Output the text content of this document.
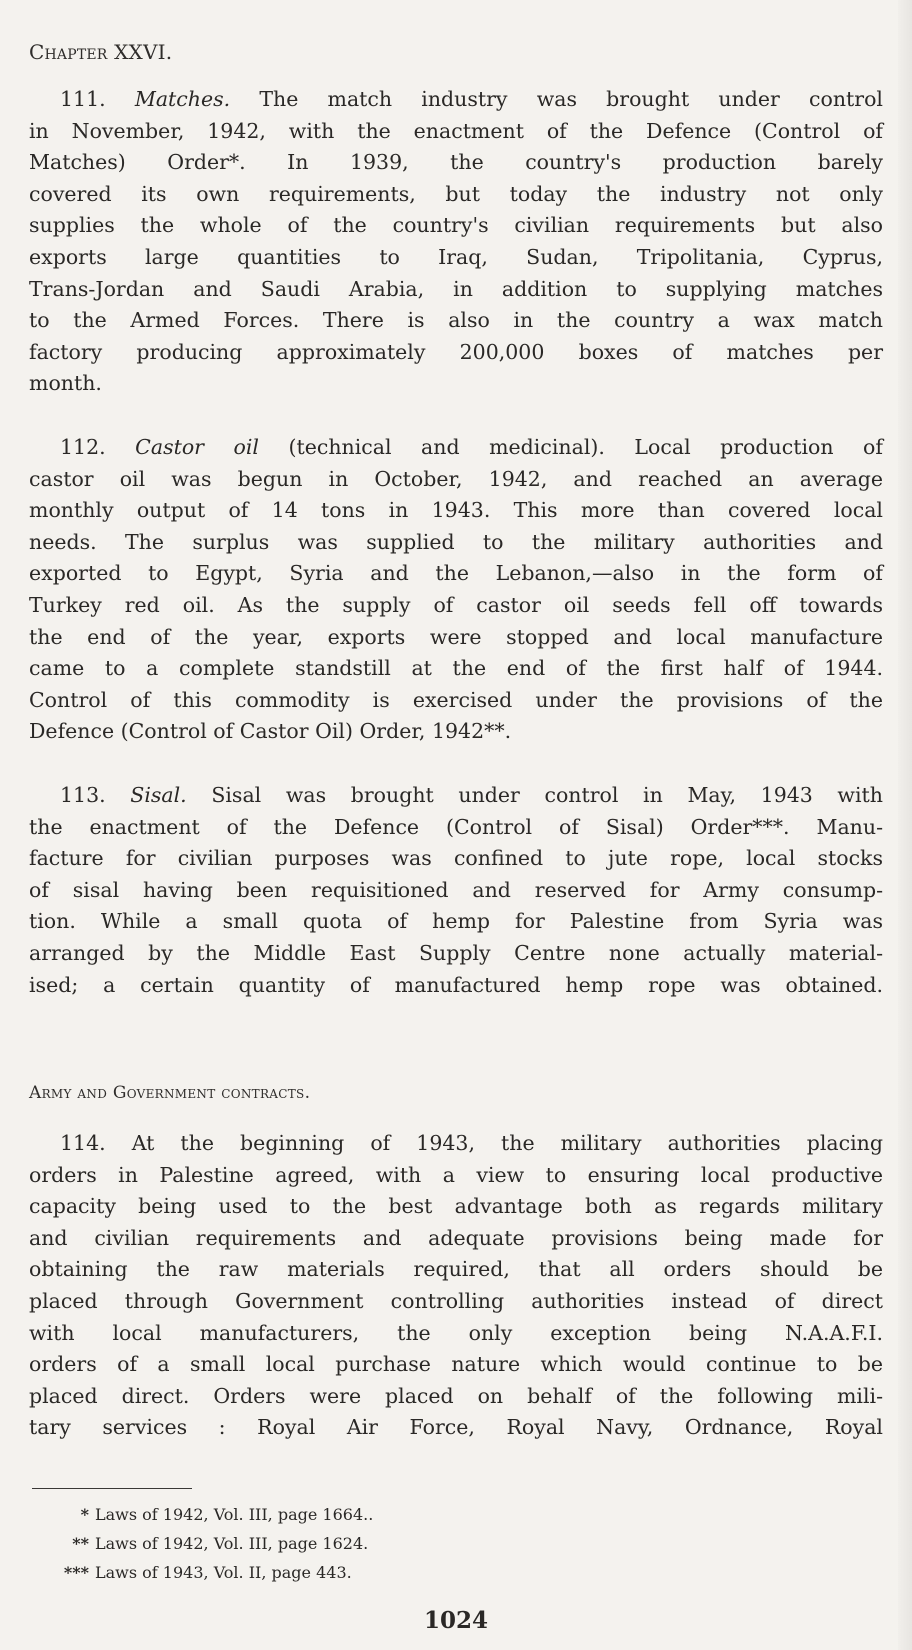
Chapter XXVI.
111. Matches. The match industry was brought under control
in November, 1942, with the enactment of the Defence (Control of
Matches) Order*. In 1939, the country's production barely
covered its own requirements, but today the industry not only
supplies the whole of the country's civilian requirements but also
exports large quantities to Iraq, Sudan, Tripolitania, Cyprus,
Trans-Jordan and Saudi Arabia, in addition to supplying matches
to the Armed Forces. There is also in the country a wax match
factory producing approximately 200,000 boxes of matches per
month.
112. Castor oil (technical and medicinal). Local production of
castor oil was begun in October, 1942, and reached an average
monthly output of 14 tons in 1943. This more than covered local
needs. The surplus was supplied to the military authorities and
exported to Egypt, Syria and the Lebanon,—also in the form of
Turkey red oil. As the supply of castor oil seeds fell off towards
the end of the year, exports were stopped and local manufacture
came to a complete standstill at the end of the first half of 1944.
Control of this commodity is exercised under the provisions of the
Defence (Control of Castor Oil) Order, 1942**.
113. Sisal. Sisal was brought under control in May, 1943 with
the enactment of the Defence (Control of Sisal) Order***. Manu-
facture for civilian purposes was confined to jute rope, local stocks
of sisal having been requisitioned and reserved for Army consump-
tion. While a small quota of hemp for Palestine from Syria was
arranged by the Middle East Supply Centre none actually material-
ised; a certain quantity of manufactured hemp rope was obtained.
Army and Government contracts.
114. At the beginning of 1943, the military authorities placing
orders in Palestine agreed, with a view to ensuring local productive
capacity being used to the best advantage both as regards military
and civilian requirements and adequate provisions being made for
obtaining the raw materials required, that all orders should be
placed through Government controlling authorities instead of direct
with local manufacturers, the only exception being N.A.A.F.I.
orders of a small local purchase nature which would continue to be
placed direct. Orders were placed on behalf of the following mili-
tary services : Royal Air Force, Royal Navy, Ordnance, Royal
* Laws of 1942, Vol. III, page 1664..
** Laws of 1942, Vol. III, page 1624.
*** Laws of 1943, Vol. II, page 443.
1024
